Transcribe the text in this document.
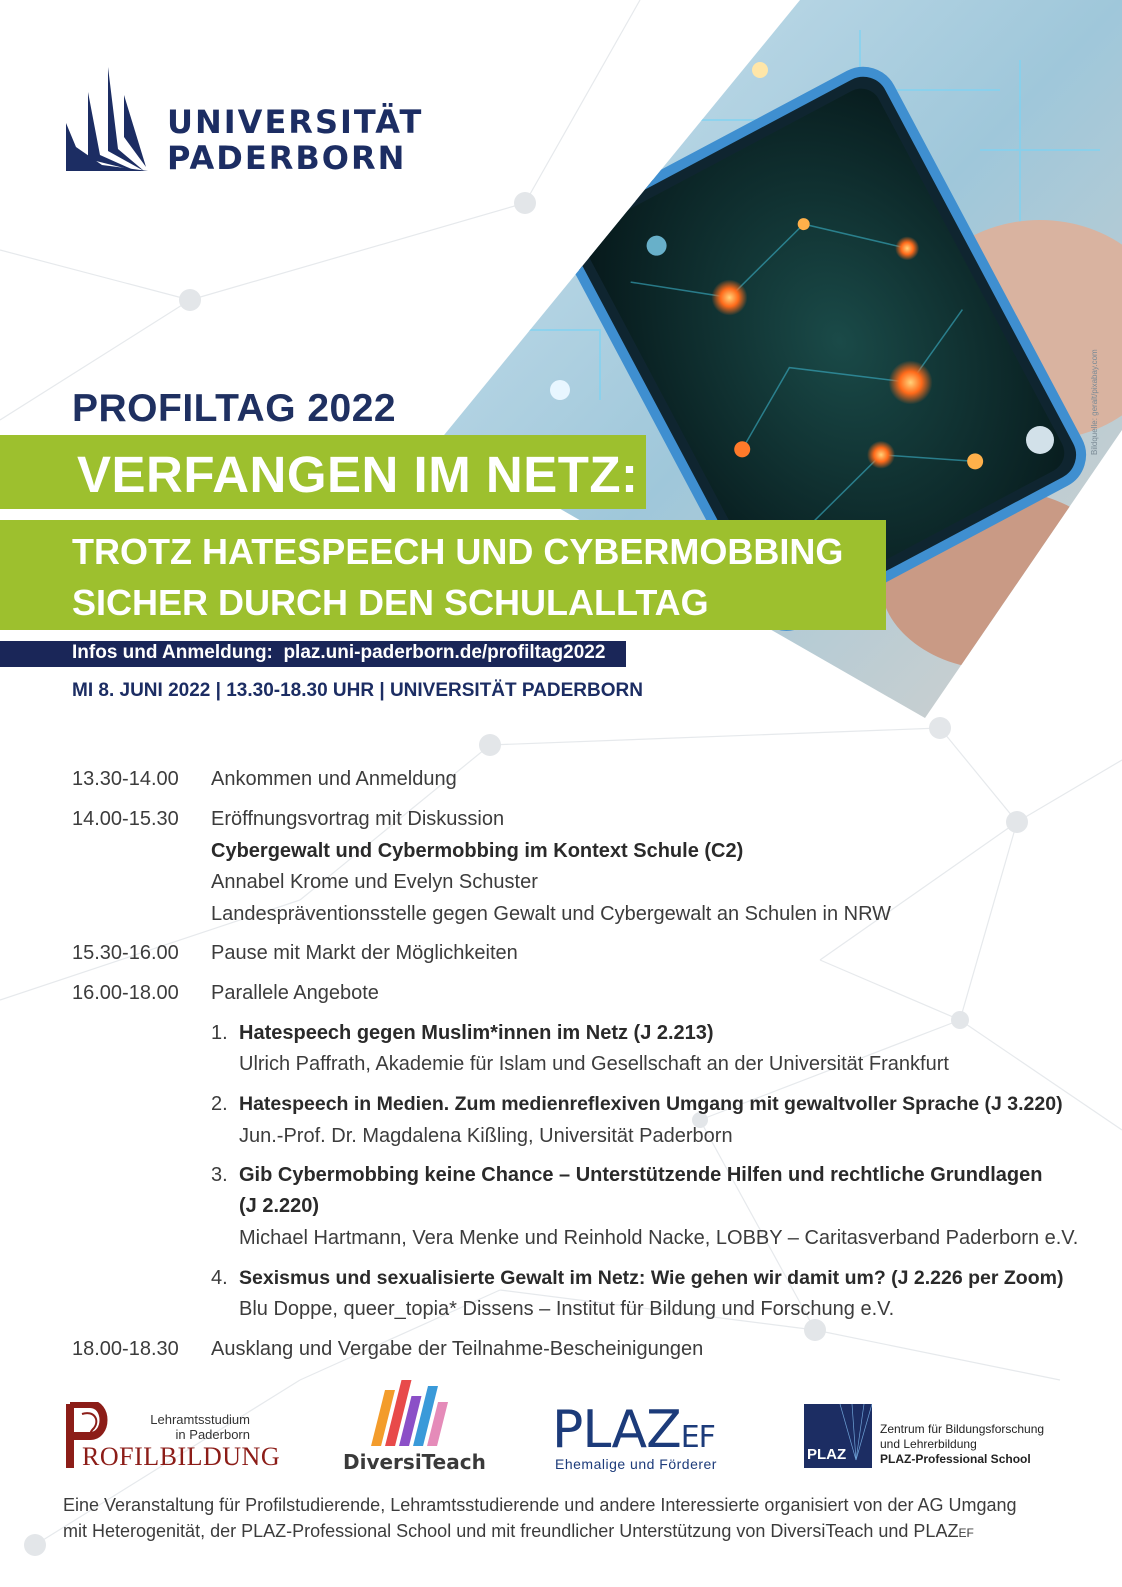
Bildquelle: geralt/pixabay.com
UNIVERSITÄT
PADERBORN
PROFILTAG 2022
VERFANGEN IM NETZ:
TROTZ HATESPEECH UND CYBERMOBBING
SICHER DURCH DEN SCHULALLTAG
Infos und Anmeldung: plaz.uni-paderborn.de/profiltag2022
MI 8. JUNI 2022 | 13.30-18.30 UHR | UNIVERSITÄT PADERBORN
13.30-14.00 Ankommen und Anmeldung
14.00-15.30 Eröffnungsvortrag mit Diskussion
Cybergewalt und Cybermobbing im Kontext Schule (C2)
Annabel Krome und Evelyn Schuster
Landespräventionsstelle gegen Gewalt und Cybergewalt an Schulen in NRW
15.30-16.00 Pause mit Markt der Möglichkeiten
16.00-18.00 Parallele Angebote
1. Hatespeech gegen Muslim*innen im Netz (J 2.213)
Ulrich Paffrath, Akademie für Islam und Gesellschaft an der Universität Frankfurt
2. Hatespeech in Medien. Zum medienreflexiven Umgang mit gewaltvoller Sprache (J 3.220)
Jun.-Prof. Dr. Magdalena Kißling, Universität Paderborn
3. Gib Cybermobbing keine Chance – Unterstützende Hilfen und rechtliche Grundlagen
(J 2.220)
Michael Hartmann, Vera Menke und Reinhold Nacke, LOBBY – Caritasverband Paderborn e.V.
4. Sexismus und sexualisierte Gewalt im Netz: Wie gehen wir damit um? (J 2.226 per Zoom)
Blu Doppe, queer_topia* Dissens – Institut für Bildung und Forschung e.V.
18.00-18.30 Ausklang und Vergabe der Teilnahme-Bescheinigungen
Lehramtsstudium
in Paderborn
ROFILBILDUNG	DiversiTeach
PLAZEF
Ehemalige und Förderer
PLAZ
Zentrum für Bildungsforschung
und Lehrerbildung
PLAZ-Professional School
Eine Veranstaltung für Profilstudierende, Lehramtsstudierende und andere Interessierte organisiert von der AG Umgang
mit Heterogenität, der PLAZ-Professional School und mit freundlicher Unterstützung von DiversiTeach und PLAZEF
